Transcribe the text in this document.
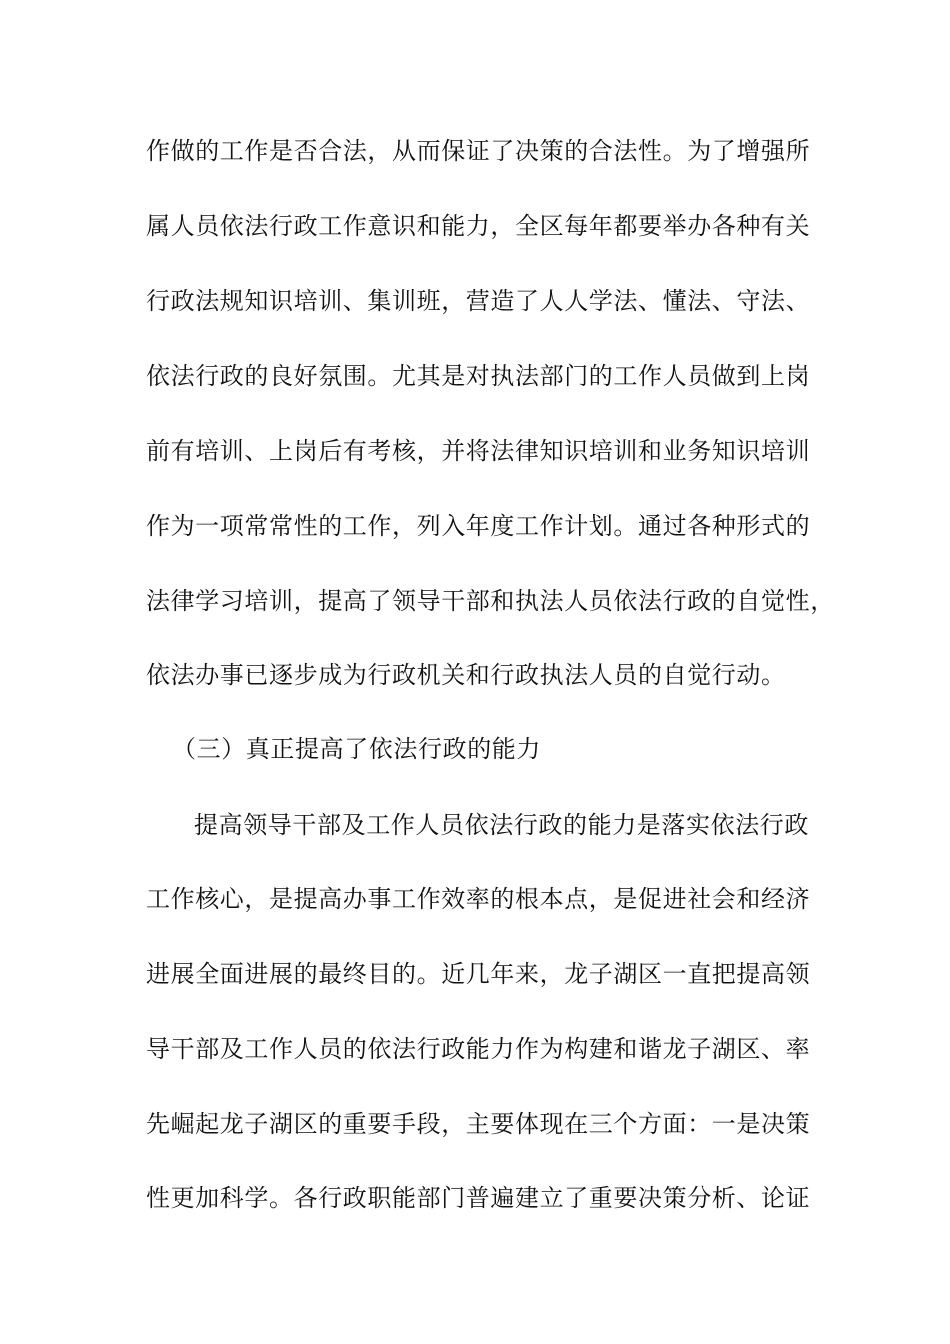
作做的工作是否合法，从而保证了决策的合法性。为了增强所
属人员依法行政工作意识和能力，全区每年都要举办各种有关
行政法规知识培训、集训班，营造了人人学法、懂法、守法、
依法行政的良好氛围。尤其是对执法部门的工作人员做到上岗
前有培训、上岗后有考核，并将法律知识培训和业务知识培训
作为一项常常性的工作，列入年度工作计划。通过各种形式的
法律学习培训，提高了领导干部和执法人员依法行政的自觉性，
依法办事已逐步成为行政机关和行政执法人员的自觉行动。
（三）真正提高了依法行政的能力
提高领导干部及工作人员依法行政的能力是落实依法行政
工作核心，是提高办事工作效率的根本点，是促进社会和经济
进展全面进展的最终目的。近几年来，龙子湖区一直把提高领
导干部及工作人员的依法行政能力作为构建和谐龙子湖区、率
先崛起龙子湖区的重要手段，主要体现在三个方面：一是决策
性更加科学。各行政职能部门普遍建立了重要决策分析、论证
